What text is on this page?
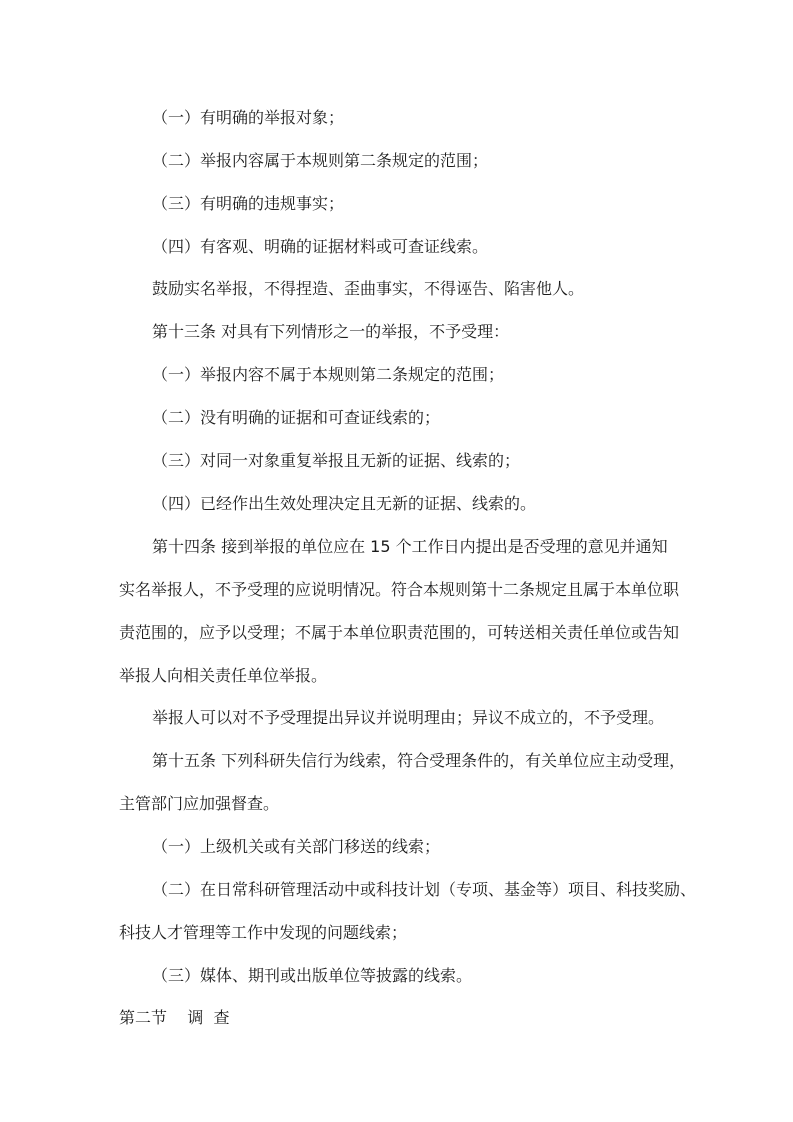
（一）有明确的举报对象；

（二）举报内容属于本规则第二条规定的范围；

（三）有明确的违规事实；

（四）有客观、明确的证据材料或可查证线索。

鼓励实名举报，不得捏造、歪曲事实，不得诬告、陷害他人。

第十三条 对具有下列情形之一的举报，不予受理：

（一）举报内容不属于本规则第二条规定的范围；

（二）没有明确的证据和可查证线索的；

（三）对同一对象重复举报且无新的证据、线索的；

（四）已经作出生效处理决定且无新的证据、线索的。

第十四条 接到举报的单位应在 15 个工作日内提出是否受理的意见并通知

实名举报人，不予受理的应说明情况。符合本规则第十二条规定且属于本单位职

责范围的，应予以受理；不属于本单位职责范围的，可转送相关责任单位或告知

举报人向相关责任单位举报。

举报人可以对不予受理提出异议并说明理由；异议不成立的，不予受理。

第十五条 下列科研失信行为线索，符合受理条件的，有关单位应主动受理，

主管部门应加强督查。

（一）上级机关或有关部门移送的线索；

（二）在日常科研管理活动中或科技计划（专项、基金等）项目、科技奖励、

科技人才管理等工作中发现的问题线索；

（三）媒体、期刊或出版单位等披露的线索。

第二节    调  查
